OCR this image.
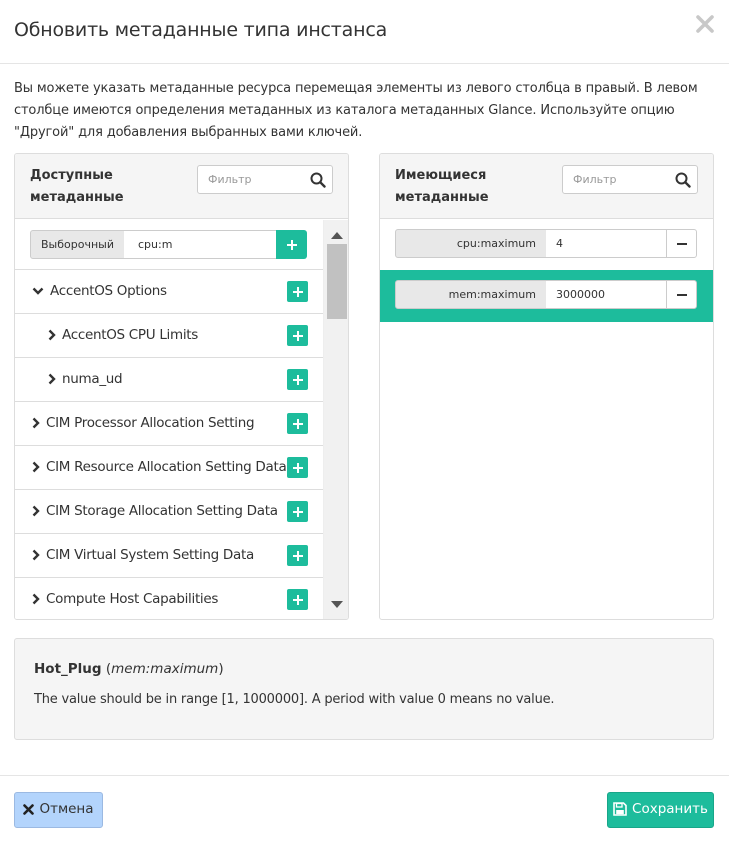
Обновить метаданные типа инстанса
Вы можете указать метаданные ресурса перемещая элементы из левого столбца в правый. В левом столбце имеются определения метаданных из каталога метаданных Glance. Используйте опцию "Другой" для добавления выбранных вами ключей.
Доступные метаданные
Фильтр
Выборочный
cpu:m
AccentOS Options
AccentOS CPU Limits
numa_ud
CIM Processor Allocation Setting
CIM Resource Allocation Setting Data
CIM Storage Allocation Setting Data
CIM Virtual System Setting Data
Compute Host Capabilities
Имеющиеся метаданные
Фильтр
cpu:maximum
4
mem:maximum
3000000
Hot_Plug (mem:maximum)
The value should be in range [1, 1000000]. A period with value 0 means no value.
Отмена	Сохранить
